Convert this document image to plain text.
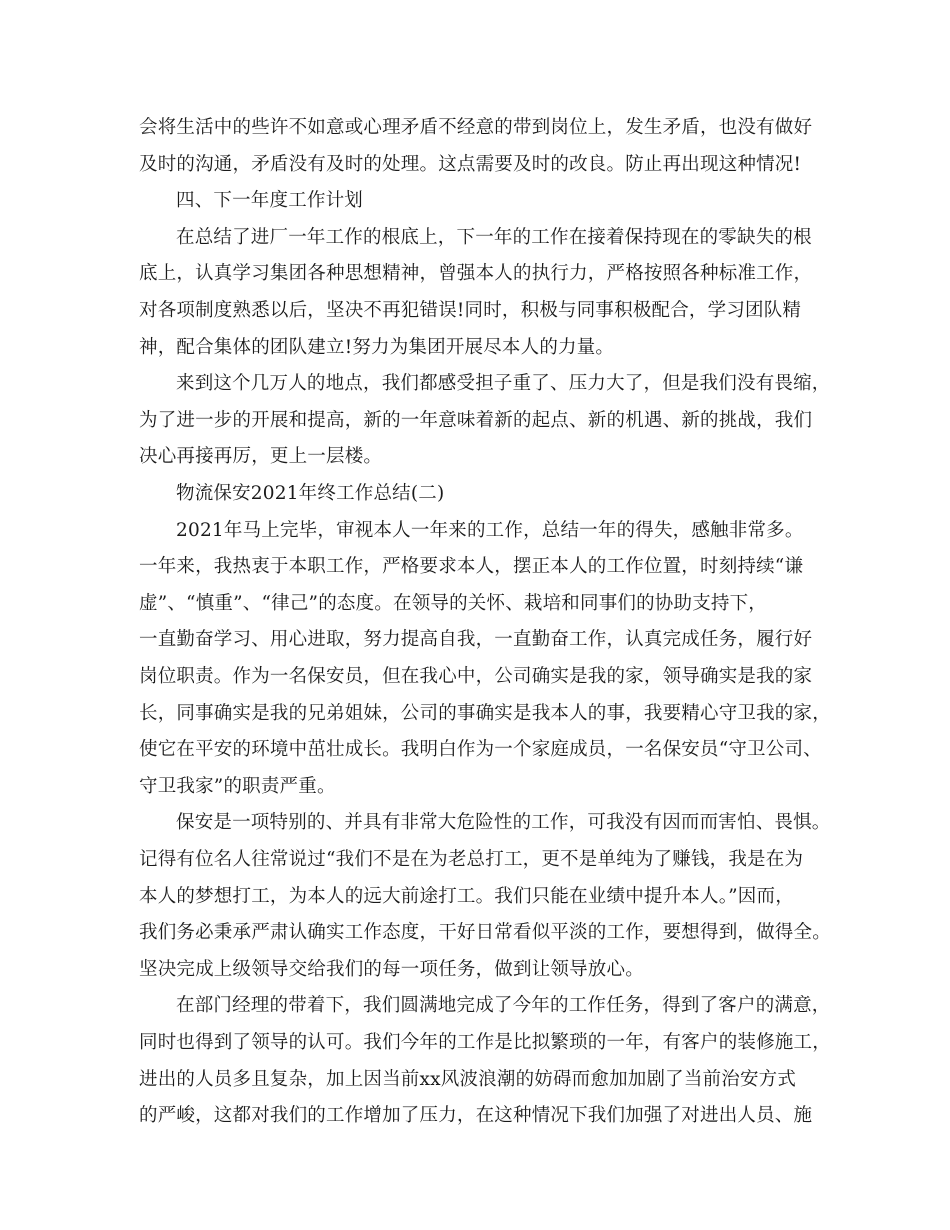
会将生活中的些许不如意或心理矛盾不经意的带到岗位上，发生矛盾，也没有做好
及时的沟通，矛盾没有及时的处理。这点需要及时的改良。防止再出现这种情况!
四、下一年度工作计划
在总结了进厂一年工作的根底上，下一年的工作在接着保持现在的零缺失的根
底上，认真学习集团各种思想精神，曾强本人的执行力，严格按照各种标准工作，
对各项制度熟悉以后，坚决不再犯错误!同时，积极与同事积极配合，学习团队精
神，配合集体的团队建立!努力为集团开展尽本人的力量。
来到这个几万人的地点，我们都感受担子重了、压力大了，但是我们没有畏缩，
为了进一步的开展和提高，新的一年意味着新的起点、新的机遇、新的挑战，我们
决心再接再厉，更上一层楼。
物流保安2021年终工作总结(二)
2021年马上完毕，审视本人一年来的工作，总结一年的得失，感触非常多。
一年来，我热衷于本职工作，严格要求本人，摆正本人的工作位置，时刻持续“谦
虚”、“慎重”、“律己”的态度。在领导的关怀、栽培和同事们的协助支持下，
一直勤奋学习、用心进取，努力提高自我，一直勤奋工作，认真完成任务，履行好
岗位职责。作为一名保安员，但在我心中，公司确实是我的家，领导确实是我的家
长，同事确实是我的兄弟姐妹，公司的事确实是我本人的事，我要精心守卫我的家，
使它在平安的环境中茁壮成长。我明白作为一个家庭成员，一名保安员“守卫公司、
守卫我家”的职责严重。
保安是一项特别的、并具有非常大危险性的工作，可我没有因而而害怕、畏惧。
记得有位名人往常说过“我们不是在为老总打工，更不是单纯为了赚钱，我是在为
本人的梦想打工，为本人的远大前途打工。我们只能在业绩中提升本人。”因而，
我们务必秉承严肃认确实工作态度，干好日常看似平淡的工作，要想得到，做得全。
坚决完成上级领导交给我们的每一项任务，做到让领导放心。
在部门经理的带着下，我们圆满地完成了今年的工作任务，得到了客户的满意，
同时也得到了领导的认可。我们今年的工作是比拟繁琐的一年，有客户的装修施工，
进出的人员多且复杂，加上因当前xx风波浪潮的妨碍而愈加加剧了当前治安方式
的严峻，这都对我们的工作增加了压力，在这种情况下我们加强了对进出人员、施
